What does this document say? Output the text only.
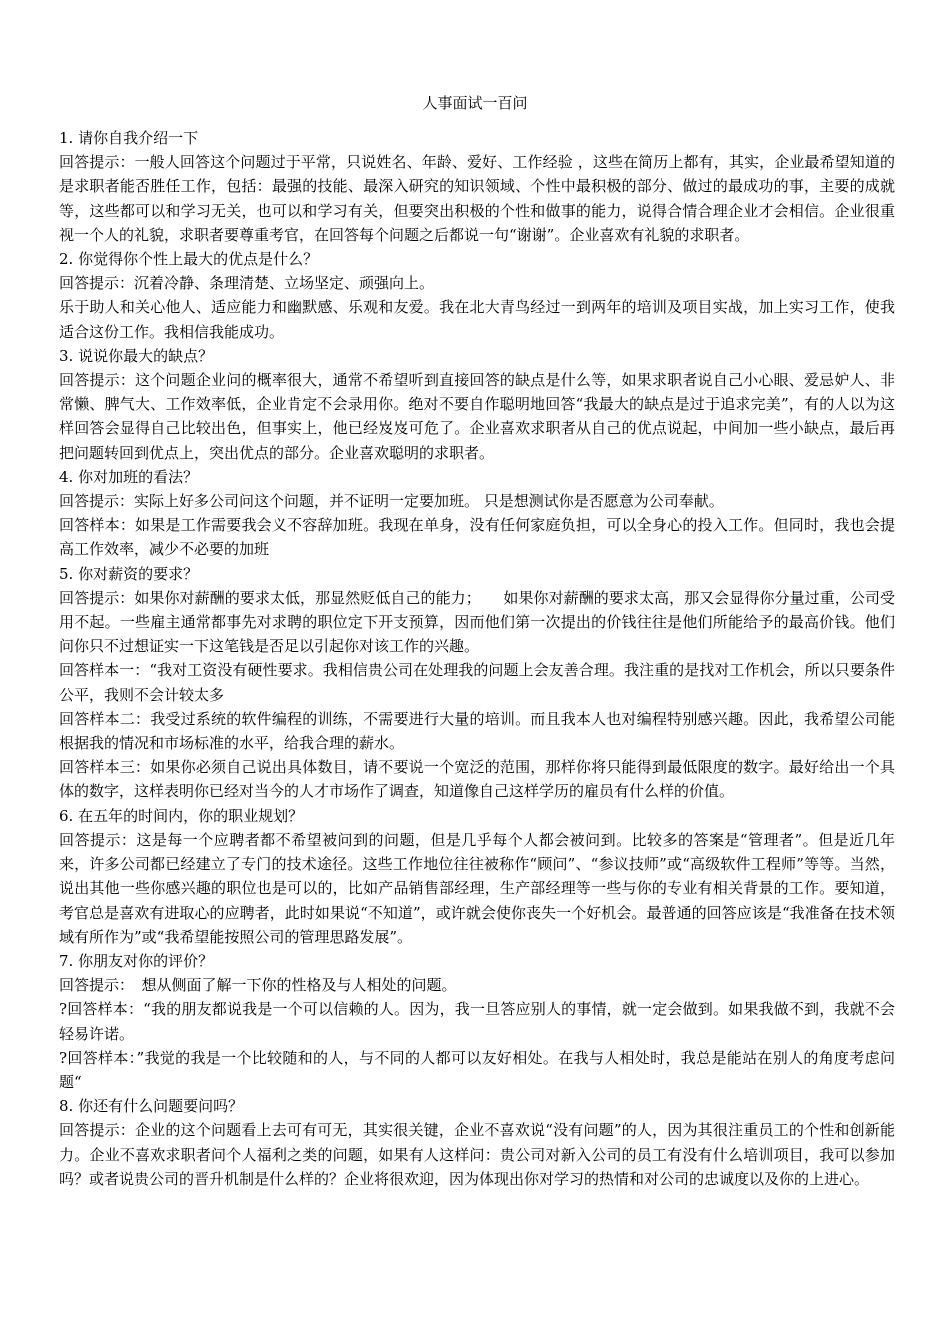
人事面试一百问
1. 请你自我介绍一下
回答提示：一般人回答这个问题过于平常，只说姓名、年龄、爱好、工作经验 ，这些在简历上都有，其实，企业最希望知道的是求职者能否胜任工作，包括：最强的技能、最深入研究的知识领域、个性中最积极的部分、做过的最成功的事，主要的成就等，这些都可以和学习无关，也可以和学习有关，但要突出积极的个性和做事的能力，说得合情合理企业才会相信。企业很重视一个人的礼貌，求职者要尊重考官，在回答每个问题之后都说一句“谢谢”。企业喜欢有礼貌的求职者。
2. 你觉得你个性上最大的优点是什么？
回答提示：沉着冷静、条理清楚、立场坚定、顽强向上。
乐于助人和关心他人、适应能力和幽默感、乐观和友爱。我在北大青鸟经过一到两年的培训及项目实战，加上实习工作，使我适合这份工作。我相信我能成功。
3. 说说你最大的缺点？
回答提示：这个问题企业问的概率很大，通常不希望听到直接回答的缺点是什么等，如果求职者说自己小心眼、爱忌妒人、非常懒、脾气大、工作效率低，企业肯定不会录用你。绝对不要自作聪明地回答“我最大的缺点是过于追求完美”，有的人以为这样回答会显得自己比较出色，但事实上，他已经岌岌可危了。企业喜欢求职者从自己的优点说起，中间加一些小缺点，最后再把问题转回到优点上，突出优点的部分。企业喜欢聪明的求职者。
4. 你对加班的看法？
回答提示：实际上好多公司问这个问题，并不证明一定要加班。 只是想测试你是否愿意为公司奉献。
回答样本：如果是工作需要我会义不容辞加班。我现在单身，没有任何家庭负担，可以全身心的投入工作。但同时，我也会提高工作效率，减少不必要的加班
5. 你对薪资的要求？
回答提示：如果你对薪酬的要求太低，那显然贬低自己的能力；　　如果你对薪酬的要求太高，那又会显得你分量过重，公司受用不起。一些雇主通常都事先对求聘的职位定下开支预算，因而他们第一次提出的价钱往往是他们所能给予的最高价钱。他们问你只不过想证实一下这笔钱是否足以引起你对该工作的兴趣。
回答样本一：“我对工资没有硬性要求。我相信贵公司在处理我的问题上会友善合理。我注重的是找对工作机会，所以只要条件公平，我则不会计较太多
回答样本二：我受过系统的软件编程的训练，不需要进行大量的培训。而且我本人也对编程特别感兴趣。因此，我希望公司能根据我的情况和市场标准的水平，给我合理的薪水。
回答样本三：如果你必须自己说出具体数目，请不要说一个宽泛的范围，那样你将只能得到最低限度的数字。最好给出一个具体的数字，这样表明你已经对当今的人才市场作了调查，知道像自己这样学历的雇员有什么样的价值。
6. 在五年的时间内，你的职业规划？
回答提示：这是每一个应聘者都不希望被问到的问题，但是几乎每个人都会被问到。比较多的答案是“管理者”。但是近几年来，许多公司都已经建立了专门的技术途径。这些工作地位往往被称作“顾问”、“参议技师”或“高级软件工程师”等等。当然，说出其他一些你感兴趣的职位也是可以的，比如产品销售部经理，生产部经理等一些与你的专业有相关背景的工作。要知道，考官总是喜欢有进取心的应聘者，此时如果说“不知道”，或许就会使你丧失一个好机会。最普通的回答应该是“我准备在技术领域有所作为”或“我希望能按照公司的管理思路发展”。
7. 你朋友对你的评价？
回答提示：　想从侧面了解一下你的性格及与人相处的问题。
?回答样本：“我的朋友都说我是一个可以信赖的人。因为，我一旦答应别人的事情，就一定会做到。如果我做不到，我就不会轻易许诺。
?回答样本：”我觉的我是一个比较随和的人，与不同的人都可以友好相处。在我与人相处时，我总是能站在别人的角度考虑问题“
8. 你还有什么问题要问吗？
回答提示：企业的这个问题看上去可有可无，其实很关键，企业不喜欢说“没有问题”的人，因为其很注重员工的个性和创新能力。企业不喜欢求职者问个人福利之类的问题，如果有人这样问：贵公司对新入公司的员工有没有什么培训项目，我可以参加吗？或者说贵公司的晋升机制是什么样的？企业将很欢迎，因为体现出你对学习的热情和对公司的忠诚度以及你的上进心。
